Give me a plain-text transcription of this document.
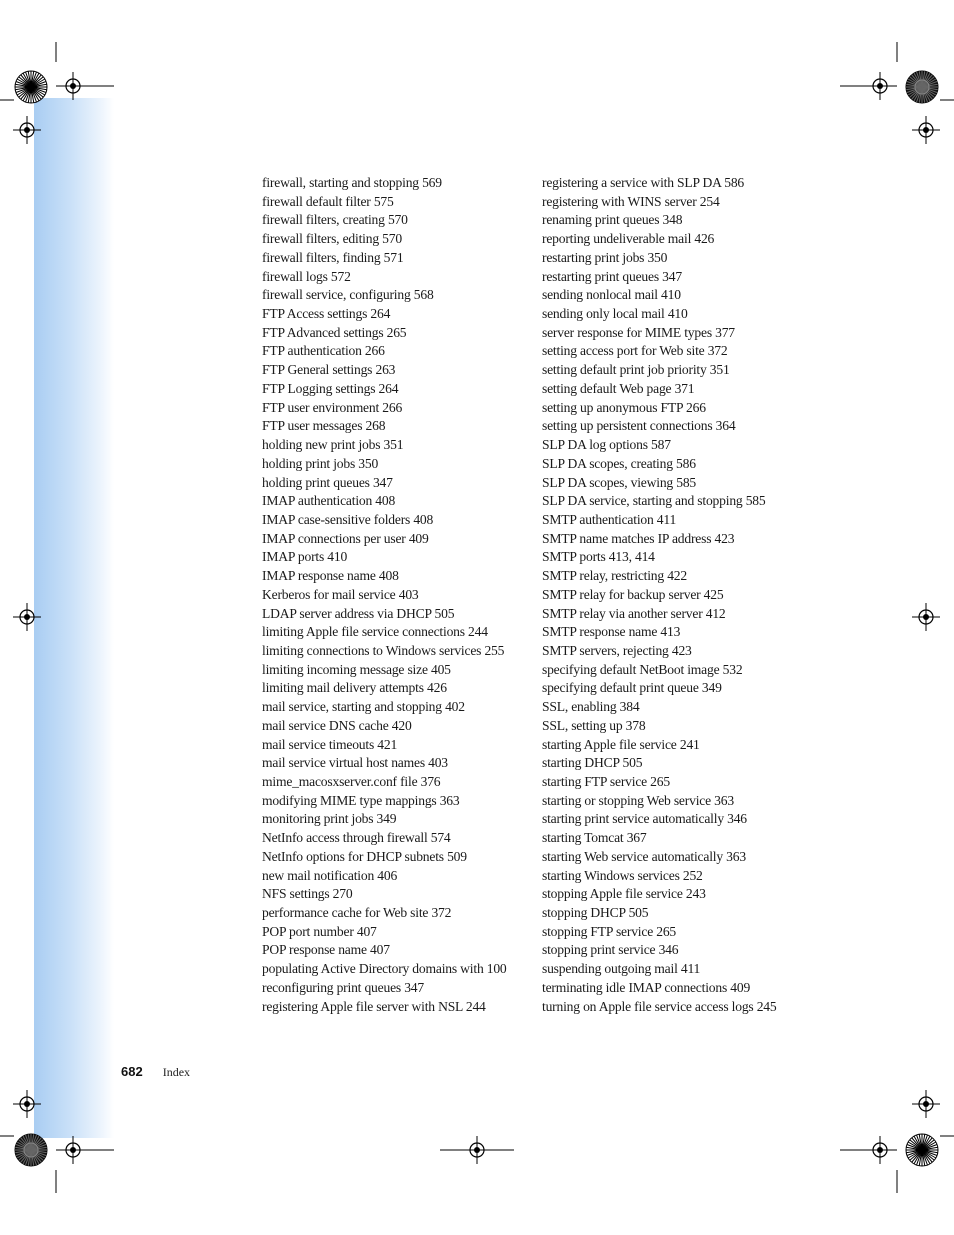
firewall, starting and stopping 569
firewall default filter 575
firewall filters, creating 570
firewall filters, editing 570
firewall filters, finding 571
firewall logs 572
firewall service, configuring 568
FTP Access settings 264
FTP Advanced settings 265
FTP authentication 266
FTP General settings 263
FTP Logging settings 264
FTP user environment 266
FTP user messages 268
holding new print jobs 351
holding print jobs 350
holding print queues 347
IMAP authentication 408
IMAP case-sensitive folders 408
IMAP connections per user 409
IMAP ports 410
IMAP response name 408
Kerberos for mail service 403
LDAP server address via DHCP 505
limiting Apple file service connections 244
limiting connections to Windows services 255
limiting incoming message size 405
limiting mail delivery attempts 426
mail service, starting and stopping 402
mail service DNS cache 420
mail service timeouts 421
mail service virtual host names 403
mime_macosxserver.conf file 376
modifying MIME type mappings 363
monitoring print jobs 349
NetInfo access through firewall 574
NetInfo options for DHCP subnets 509
new mail notification 406
NFS settings 270
performance cache for Web site 372
POP port number 407
POP response name 407
populating Active Directory domains with 100
reconfiguring print queues 347
registering Apple file server with NSL 244
registering a service with SLP DA 586
registering with WINS server 254
renaming print queues 348
reporting undeliverable mail 426
restarting print jobs 350
restarting print queues 347
sending nonlocal mail 410
sending only local mail 410
server response for MIME types 377
setting access port for Web site 372
setting default print job priority 351
setting default Web page 371
setting up anonymous FTP 266
setting up persistent connections 364
SLP DA log options 587
SLP DA scopes, creating 586
SLP DA scopes, viewing 585
SLP DA service, starting and stopping 585
SMTP authentication 411
SMTP name matches IP address 423
SMTP ports 413, 414
SMTP relay, restricting 422
SMTP relay for backup server 425
SMTP relay via another server 412
SMTP response name 413
SMTP servers, rejecting 423
specifying default NetBoot image 532
specifying default print queue 349
SSL, enabling 384
SSL, setting up 378
starting Apple file service 241
starting DHCP 505
starting FTP service 265
starting or stopping Web service 363
starting print service automatically 346
starting Tomcat 367
starting Web service automatically 363
starting Windows services 252
stopping Apple file service 243
stopping DHCP 505
stopping FTP service 265
stopping print service 346
suspending outgoing mail 411
terminating idle IMAP connections 409
turning on Apple file service access logs 245
682 Index
